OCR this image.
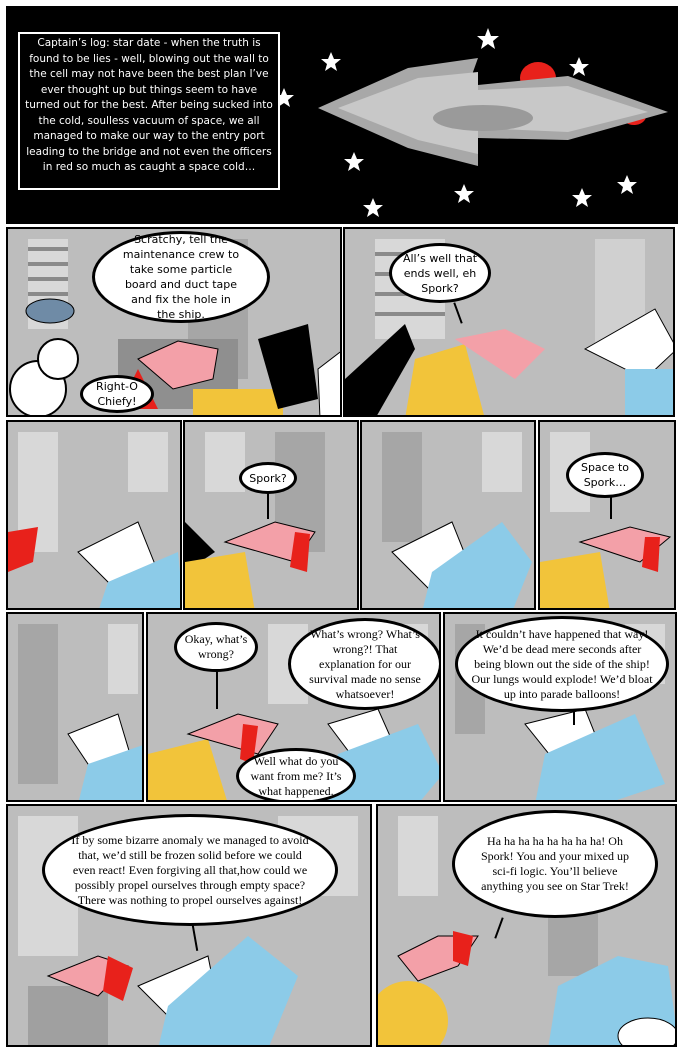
Captain’s log: star date - when the truth is found to be lies - well, blowing out the wall to the cell may not have been the best plan I’ve ever thought up but things seem to have turned out for the best. After being sucked into the cold, soulless vacuum of space, we all managed to make our way to the entry port leading to the bridge and not even the officers in red so much as caught a space cold…
Scratchy, tell the maintenance crew to take some particle board and duct tape and fix the hole in the ship.
Right-O Chiefy!
All’s well that ends well, eh Spork?
Spork?
Space to Spork…
Okay, what’s wrong?
What’s wrong? What’s wrong?! That explanation for our survival made no sense whatsoever!
Well what do you want from me? It’s what happened.
It couldn’t have happened that way! We’d be dead mere seconds after being blown out the side of the ship! Our lungs would explode! We’d bloat up into parade balloons!
If by some bizarre anomaly we managed to avoid that, we’d still be frozen solid before we could even react! Even forgiving all that,how could we possibly propel ourselves through empty space? There was nothing to propel ourselves against!
Ha ha ha ha ha ha ha ha! Oh Spork! You and your mixed up sci-fi logic. You’ll believe anything you see on Star Trek!
